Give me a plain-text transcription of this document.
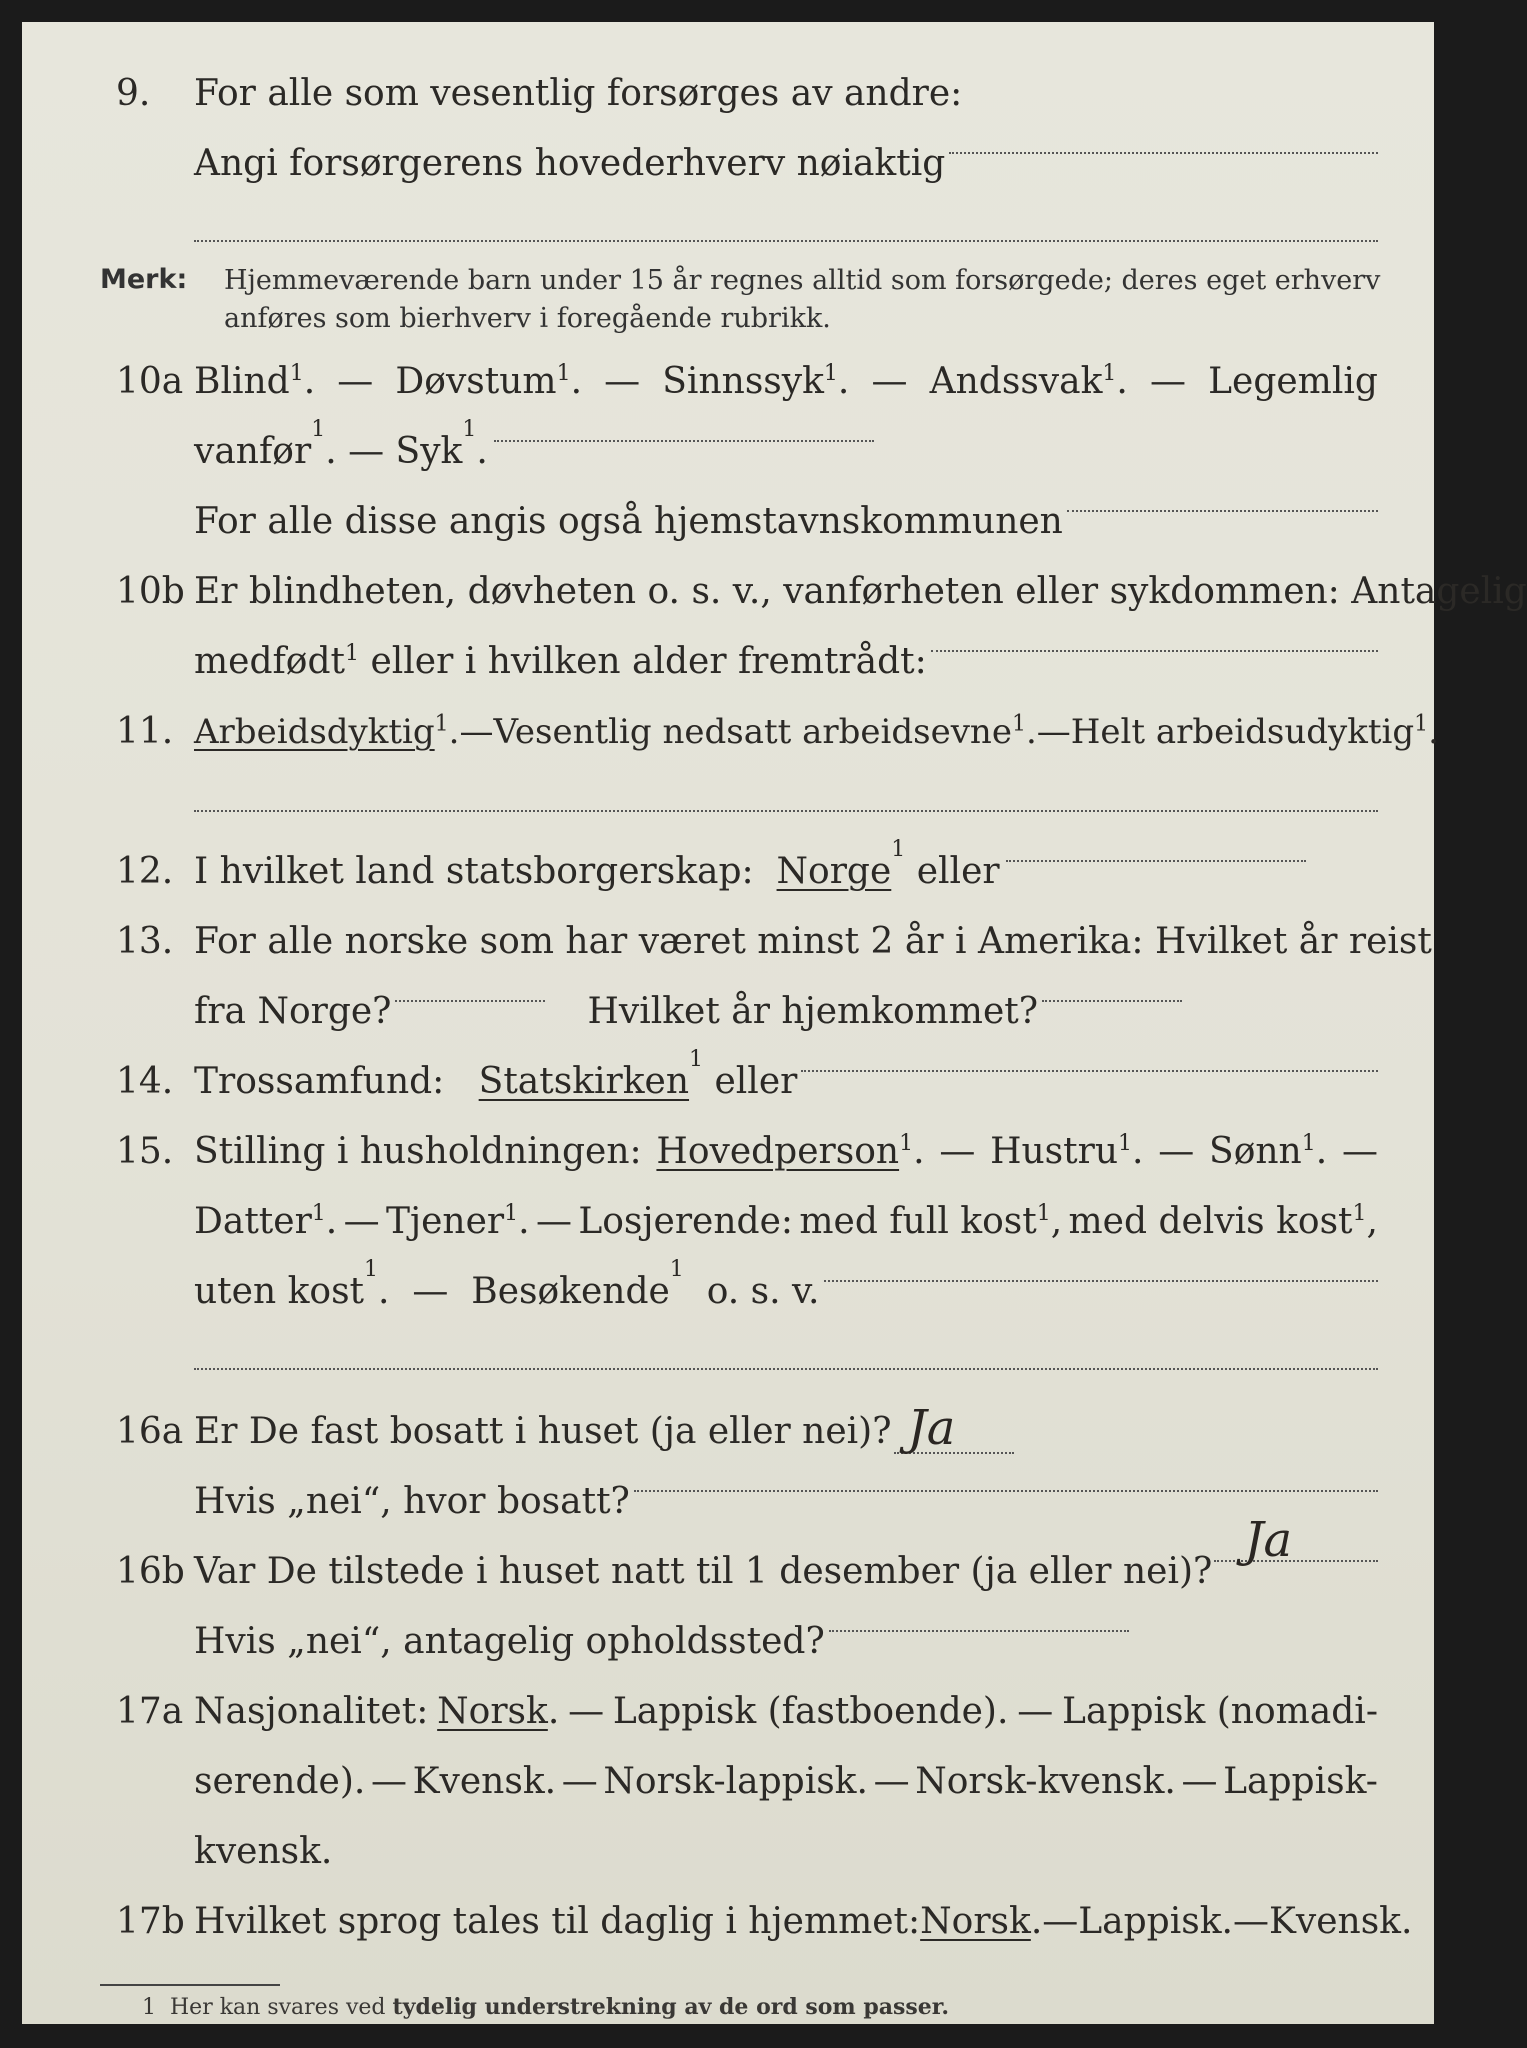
9. For alle som vesentlig forsørges av andre:
Angi forsørgerens hovederhverv nøiaktig
Merk: Hjemmeværende barn under 15 år regnes alltid som forsørgede; deres eget erhverv
anføres som bierhverv i foregående rubrikk.
10a Blind$^1$. — Døvstum$^1$. — Sinnssyk$^1$. — Andssvak$^1$. — Legemlig
vanfør
1
. — Syk
1
.
For alle disse angis også hjemstavnskommunen
10b Er blindheten, døvheten o. s. v., vanførheten eller sykdommen: Antagelig
medfødt$^1$ eller i hvilken alder fremtrådt:
11. Arbeidsdyktig$^1$. — Vesentlig nedsatt arbeidsevne$^1$. — Helt arbeidsudyktig$^1$.
12. I hvilket land statsborgerskap:
Norge
1

eller
13. For alle norske som har været minst 2 år i Amerika: Hvilket år reist
fra Norge?	Hvilket år hjemkommet?
14. Trossamfund:
Statskirken
1

eller
15. Stilling i husholdningen: Hovedperson$^1$. — Hustru$^1$. — Sønn$^1$. —
Datter$^1$. — Tjener$^1$. — Losjerende: med full kost$^1$, med delvis kost$^1$,
uten kost
1
.  — Besøkende
1

o. s. v.
16a Er De fast bosatt i huset (ja eller nei)? Ja
Hvis „nei“, hvor bosatt?
16b Var De tilstede i huset natt til 1 desember (ja eller nei)?
Ja
Hvis „nei“, antagelig opholdssted?
17a Nasjonalitet: Norsk. — Lappisk (fastboende). — Lappisk (nomadi-
serende). — Kvensk. — Norsk-lappisk. — Norsk-kvensk. — Lappisk-
kvensk.
17b Hvilket sprog tales til daglig i hjemmet: Norsk. — Lappisk. — Kvensk.
1 Her kan svares ved tydelig understrekning av de ord som passer.
